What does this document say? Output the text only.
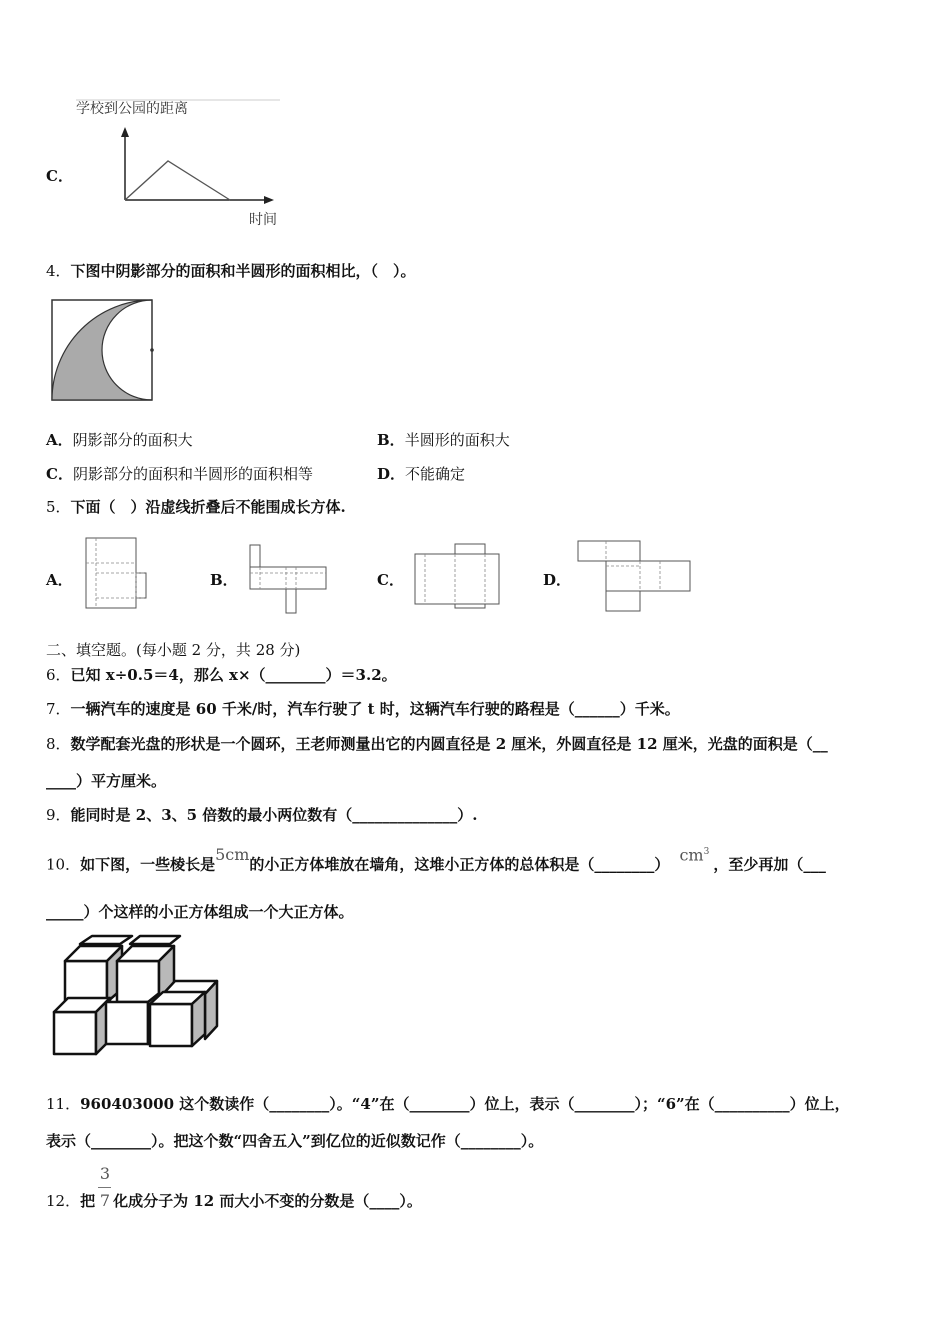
C．
学校到公园的距离
时间
4．下图中阴影部分的面积和半圆形的面积相比，（　）。
A．阴影部分的面积大	B．半圆形的面积大
C．阴影部分的面积和半圆形的面积相等	D．不能确定
5．下面（　）沿虚线折叠后不能围成长方体.
A．	B．	C．	D．
二、填空题。(每小题 2 分，共 28 分)
6．已知 x÷0.5＝4，那么 x×（________）＝3.2。
7．一辆汽车的速度是 60 千米/时，汽车行驶了 t 时，这辆汽车行驶的路程是（______）千米。
8．数学配套光盘的形状是一个圆环，王老师测量出它的内圆直径是 2 厘米，外圆直径是 12 厘米，光盘的面积是（__
____）平方厘米。
9．能同时是 2、3、5 倍数的最小两位数有（______________）.
10．如下图，一些棱长是5cm的小正方体堆放在墙角，这堆小正方体的总体积是（________） $cm^3$，至少再加（___
_____）个这样的小正方体组成一个大正方体。
11．960403000 这个数读作（________）。“4”在（________）位上，表示（________）；“6”在（__________）位上，
表示（________）。把这个数“四舍五入”到亿位的近似数记作（________）。
12．把 化成分子为 12 而大小不变的分数是（____）。
3
7
